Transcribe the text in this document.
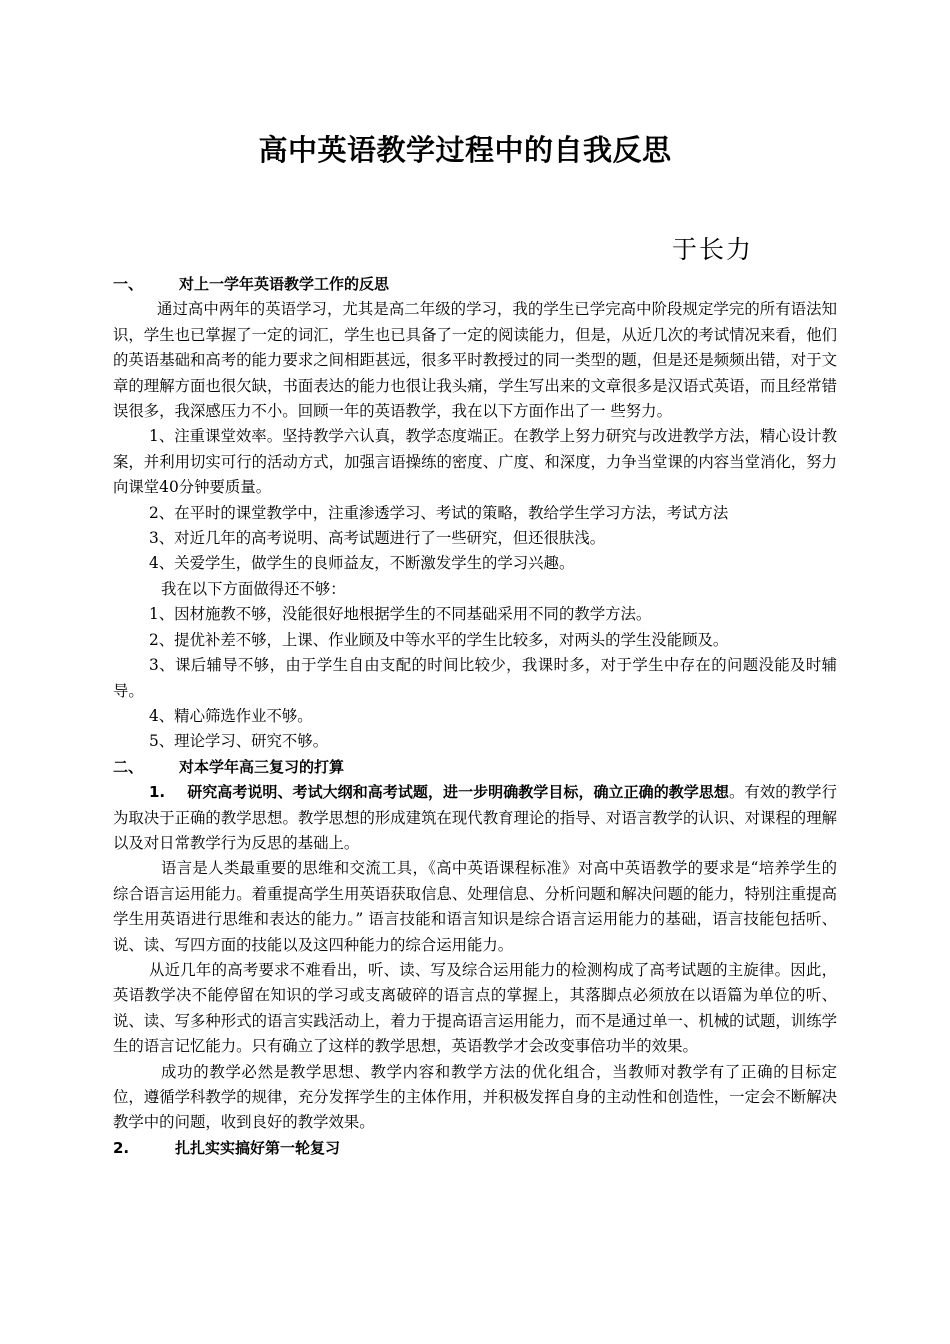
高中英语教学过程中的自我反思
于长力

一、 对上一学年英语教学工作的反思

通过高中两年的英语学习，尤其是高二年级的学习，我的学生已学完高中阶段规定学完的所有语法知识，学生也已掌握了一定的词汇，学生也已具备了一定的阅读能力，但是，从近几次的考试情况来看，他们的英语基础和高考的能力要求之间相距甚远，很多平时教授过的同一类型的题，但是还是频频出错，对于文章的理解方面也很欠缺，书面表达的能力也很让我头痛，学生写出来的文章很多是汉语式英语，而且经常错误很多，我深感压力不小。回顾一年的英语教学，我在以下方面作出了一 些努力。

1、注重课堂效率。坚持教学六认真，教学态度端正。在教学上努力研究与改进教学方法，精心设计教案，并利用切实可行的活动方式，加强言语操练的密度、广度、和深度，力争当堂课的内容当堂消化，努力向课堂40分钟要质量。

2、在平时的课堂教学中，注重渗透学习、考试的策略，教给学生学习方法，考试方法

3、对近几年的高考说明、高考试题进行了一些研究，但还很肤浅。

4、关爱学生，做学生的良师益友，不断激发学生的学习兴趣。

我在以下方面做得还不够：

1、因材施教不够，没能很好地根据学生的不同基础采用不同的教学方法。

2、提优补差不够，上课、作业顾及中等水平的学生比较多，对两头的学生没能顾及。

3、课后辅导不够，由于学生自由支配的时间比较少，我课时多，对于学生中存在的问题没能及时辅导。

4、精心筛选作业不够。

5、理论学习、研究不够。

二、 对本学年高三复习的打算

1. 研究高考说明、考试大纲和高考试题，进一步明确教学目标，确立正确的教学思想。有效的教学行为取决于正确的教学思想。教学思想的形成建筑在现代教育理论的指导、对语言教学的认识、对课程的理解以及对日常教学行为反思的基础上。

语言是人类最重要的思维和交流工具，《高中英语课程标准》对高中英语教学的要求是“培养学生的综合语言运用能力。着重提高学生用英语获取信息、处理信息、分析问题和解决问题的能力，特别注重提高学生用英语进行思维和表达的能力。” 语言技能和语言知识是综合语言运用能力的基础，语言技能包括听、说、读、写四方面的技能以及这四种能力的综合运用能力。

从近几年的高考要求不难看出，听、读、写及综合运用能力的检测构成了高考试题的主旋律。因此，英语教学决不能停留在知识的学习或支离破碎的语言点的掌握上，其落脚点必须放在以语篇为单位的听、说、读、写多种形式的语言实践活动上，着力于提高语言运用能力，而不是通过单一、机械的试题，训练学生的语言记忆能力。只有确立了这样的教学思想，英语教学才会改变事倍功半的效果。

成功的教学必然是教学思想、教学内容和教学方法的优化组合，当教师对教学有了正确的目标定位，遵循学科教学的规律，充分发挥学生的主体作用，并积极发挥自身的主动性和创造性，一定会不断解决教学中的问题，收到良好的教学效果。

2.	扎扎实实搞好第一轮复习
